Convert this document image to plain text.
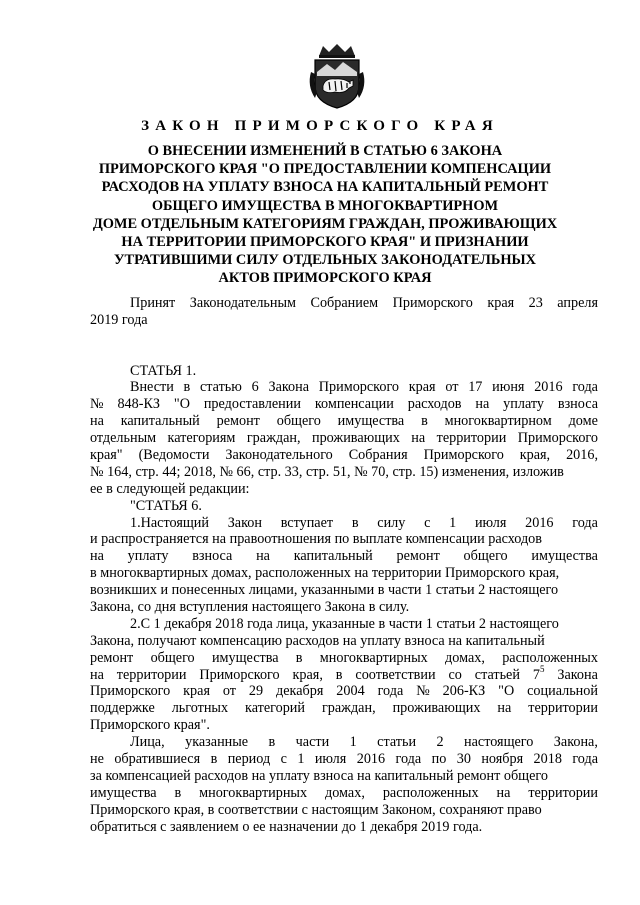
ЗАКОН ПРИМОРСКОГО КРАЯ
О ВНЕСЕНИИ ИЗМЕНЕНИЙ В СТАТЬЮ 6 ЗАКОНА
ПРИМОРСКОГО КРАЯ "О ПРЕДОСТАВЛЕНИИ КОМПЕНСАЦИИ
РАСХОДОВ НА УПЛАТУ ВЗНОСА НА КАПИТАЛЬНЫЙ РЕМОНТ
ОБЩЕГО ИМУЩЕСТВА В МНОГОКВАРТИРНОМ
ДОМЕ ОТДЕЛЬНЫМ КАТЕГОРИЯМ ГРАЖДАН, ПРОЖИВАЮЩИХ
НА ТЕРРИТОРИИ ПРИМОРСКОГО КРАЯ" И ПРИЗНАНИИ
УТРАТИВШИМИ СИЛУ ОТДЕЛЬНЫХ ЗАКОНОДАТЕЛЬНЫХ
АКТОВ ПРИМОРСКОГО КРАЯ
Принят Законодательным Собранием Приморского края 23 апреля
2019 года
СТАТЬЯ 1.
Внести в статью 6 Закона Приморского края от 17 июня 2016 года
№ 848-КЗ "О предоставлении компенсации расходов на уплату взноса
на капитальный ремонт общего имущества в многоквартирном доме
отдельным категориям граждан, проживающих на территории Приморского
края" (Ведомости Законодательного Собрания Приморского края, 2016,
№ 164, стр. 44; 2018, № 66, стр. 33, стр. 51, № 70, стр. 15) изменения, изложив
ее в следующей редакции:
"СТАТЬЯ 6.
1.Настоящий Закон вступает в силу с 1 июля 2016 года
и распространяется на правоотношения по выплате компенсации расходов
на уплату взноса на капитальный ремонт общего имущества
в многоквартирных домах, расположенных на территории Приморского края,
возникших и понесенных лицами, указанными в части 1 статьи 2 настоящего
Закона, со дня вступления настоящего Закона в силу.
2.С 1 декабря 2018 года лица, указанные в части 1 статьи 2 настоящего
Закона, получают компенсацию расходов на уплату взноса на капитальный
ремонт общего имущества в многоквартирных домах, расположенных
на территории Приморского края, в соответствии со статьей $7^5$ Закона
Приморского края от 29 декабря 2004 года № 206-КЗ "О социальной
поддержке льготных категорий граждан, проживающих на территории
Приморского края".
Лица, указанные в части 1 статьи 2 настоящего Закона,
не обратившиеся в период с 1 июля 2016 года по 30 ноября 2018 года
за компенсацией расходов на уплату взноса на капитальный ремонт общего
имущества в многоквартирных домах, расположенных на территории
Приморского края, в соответствии с настоящим Законом, сохраняют право
обратиться с заявлением о ее назначении до 1 декабря 2019 года.
